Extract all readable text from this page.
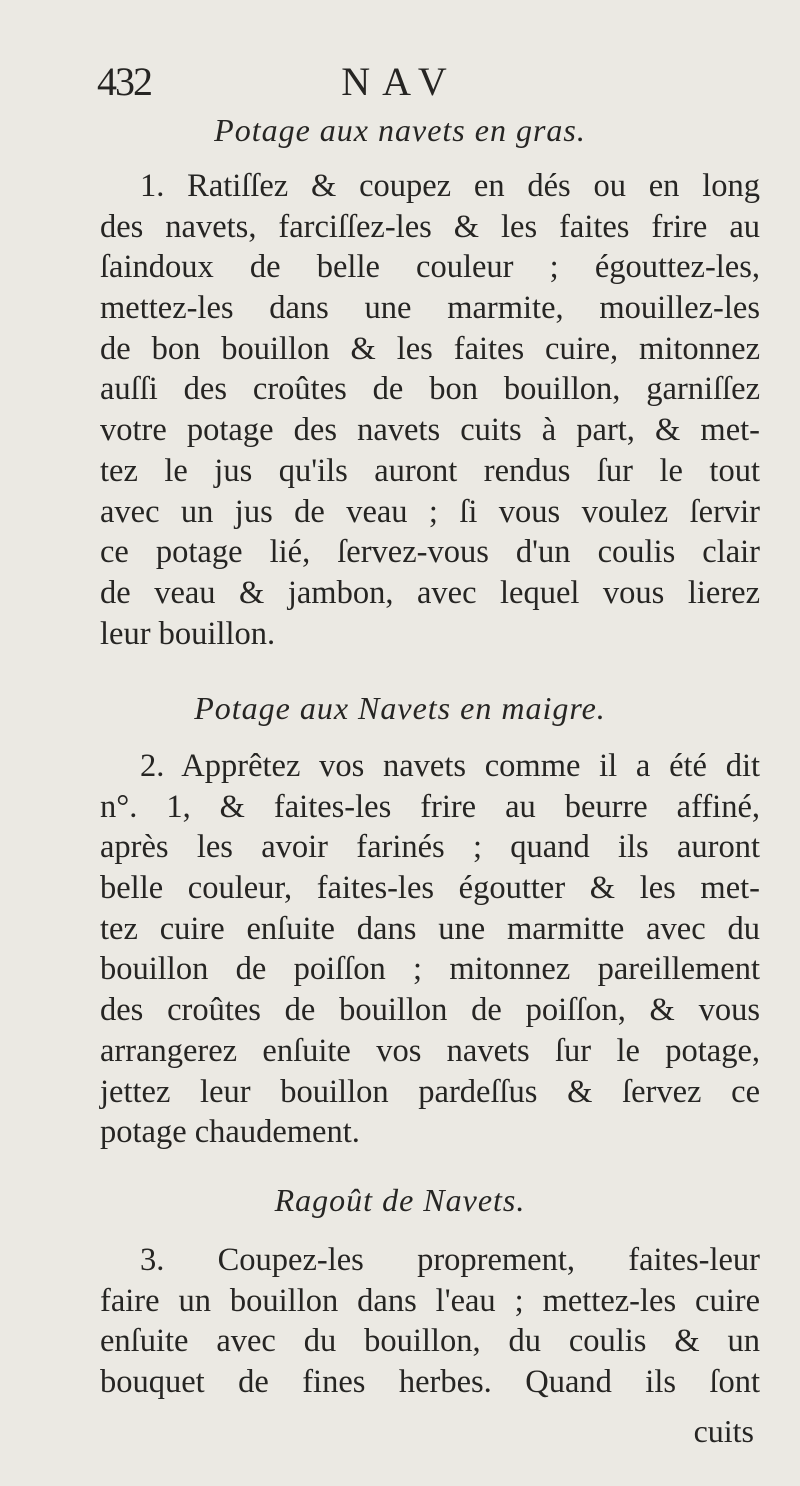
432	NAV
Potage aux navets en gras.
1. Ratiſſez & coupez en dés ou en long
des navets, farciſſez-les & les faites frire au
ſaindoux de belle couleur ; égouttez-les,
mettez-les dans une marmite, mouillez-les
de bon bouillon & les faites cuire, mitonnez
auſſi des croûtes de bon bouillon, garniſſez
votre potage des navets cuits à part, & met-
tez le jus qu'ils auront rendus ſur le tout
avec un jus de veau ; ſi vous voulez ſervir
ce potage lié, ſervez-vous d'un coulis clair
de veau & jambon, avec lequel vous lierez
leur bouillon.
Potage aux Navets en maigre.
2. Apprêtez vos navets comme il a été dit
n°. 1, & faites-les frire au beurre affiné,
après les avoir farinés ; quand ils auront
belle couleur, faites-les égoutter & les met-
tez cuire enſuite dans une marmitte avec du
bouillon de poiſſon ; mitonnez pareillement
des croûtes de bouillon de poiſſon, & vous
arrangerez enſuite vos navets ſur le potage,
jettez leur bouillon pardeſſus & ſervez ce
potage chaudement.
Ragoût de Navets.
3. Coupez-les proprement, faites-leur
faire un bouillon dans l'eau ; mettez-les cuire
enſuite avec du bouillon, du coulis & un
bouquet de fines herbes. Quand ils ſont
cuits
